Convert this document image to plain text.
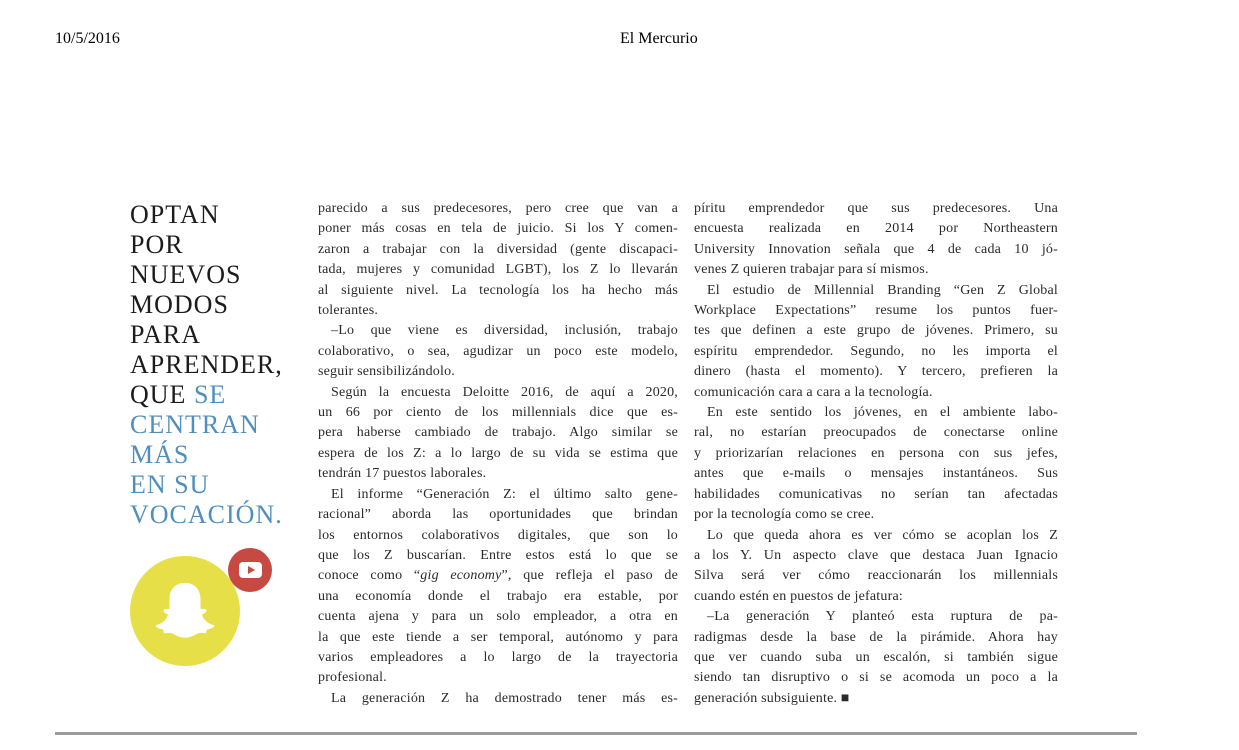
10/5/2016	El Mercurio
OPTAN
POR
NUEVOS
MODOS
PARA
APRENDER,
QUE SE
CENTRAN
MÁS
EN SU
VOCACIÓN.
parecido a sus predecesores, pero cree que van a
poner más cosas en tela de juicio. Si los Y comen-
zaron a trabajar con la diversidad (gente discapaci-
tada, mujeres y comunidad LGBT), los Z lo llevarán
al siguiente nivel. La tecnología los ha hecho más
tolerantes.
–Lo que viene es diversidad, inclusión, trabajo
colaborativo, o sea, agudizar un poco este modelo,
seguir sensibilizándolo.
Según la encuesta Deloitte 2016, de aquí a 2020,
un 66 por ciento de los millennials dice que es-
pera haberse cambiado de trabajo. Algo similar se
espera de los Z: a lo largo de su vida se estima que
tendrán 17 puestos laborales.
El informe “Generación Z: el último salto gene-
racional” aborda las oportunidades que brindan
los entornos colaborativos digitales, que son lo
que los Z buscarían. Entre estos está lo que se
conoce como “gig economy”, que refleja el paso de
una economía donde el trabajo era estable, por
cuenta ajena y para un solo empleador, a otra en
la que este tiende a ser temporal, autónomo y para
varios empleadores a lo largo de la trayectoria
profesional.
La generación Z ha demostrado tener más es-
píritu emprendedor que sus predecesores. Una
encuesta realizada en 2014 por Northeastern
University Innovation señala que 4 de cada 10 jó-
venes Z quieren trabajar para sí mismos.
El estudio de Millennial Branding “Gen Z Global
Workplace Expectations” resume los puntos fuer-
tes que definen a este grupo de jóvenes. Primero, su
espíritu emprendedor. Segundo, no les importa el
dinero (hasta el momento). Y tercero, prefieren la
comunicación cara a cara a la tecnología.
En este sentido los jóvenes, en el ambiente labo-
ral, no estarían preocupados de conectarse online
y priorizarían relaciones en persona con sus jefes,
antes que e-mails o mensajes instantáneos. Sus
habilidades comunicativas no serían tan afectadas
por la tecnología como se cree.
Lo que queda ahora es ver cómo se acoplan los Z
a los Y. Un aspecto clave que destaca Juan Ignacio
Silva será ver cómo reaccionarán los millennials
cuando estén en puestos de jefatura:
–La generación Y planteó esta ruptura de pa-
radigmas desde la base de la pirámide. Ahora hay
que ver cuando suba un escalón, si también sigue
siendo tan disruptivo o si se acomoda un poco a la
generación subsiguiente. ■
